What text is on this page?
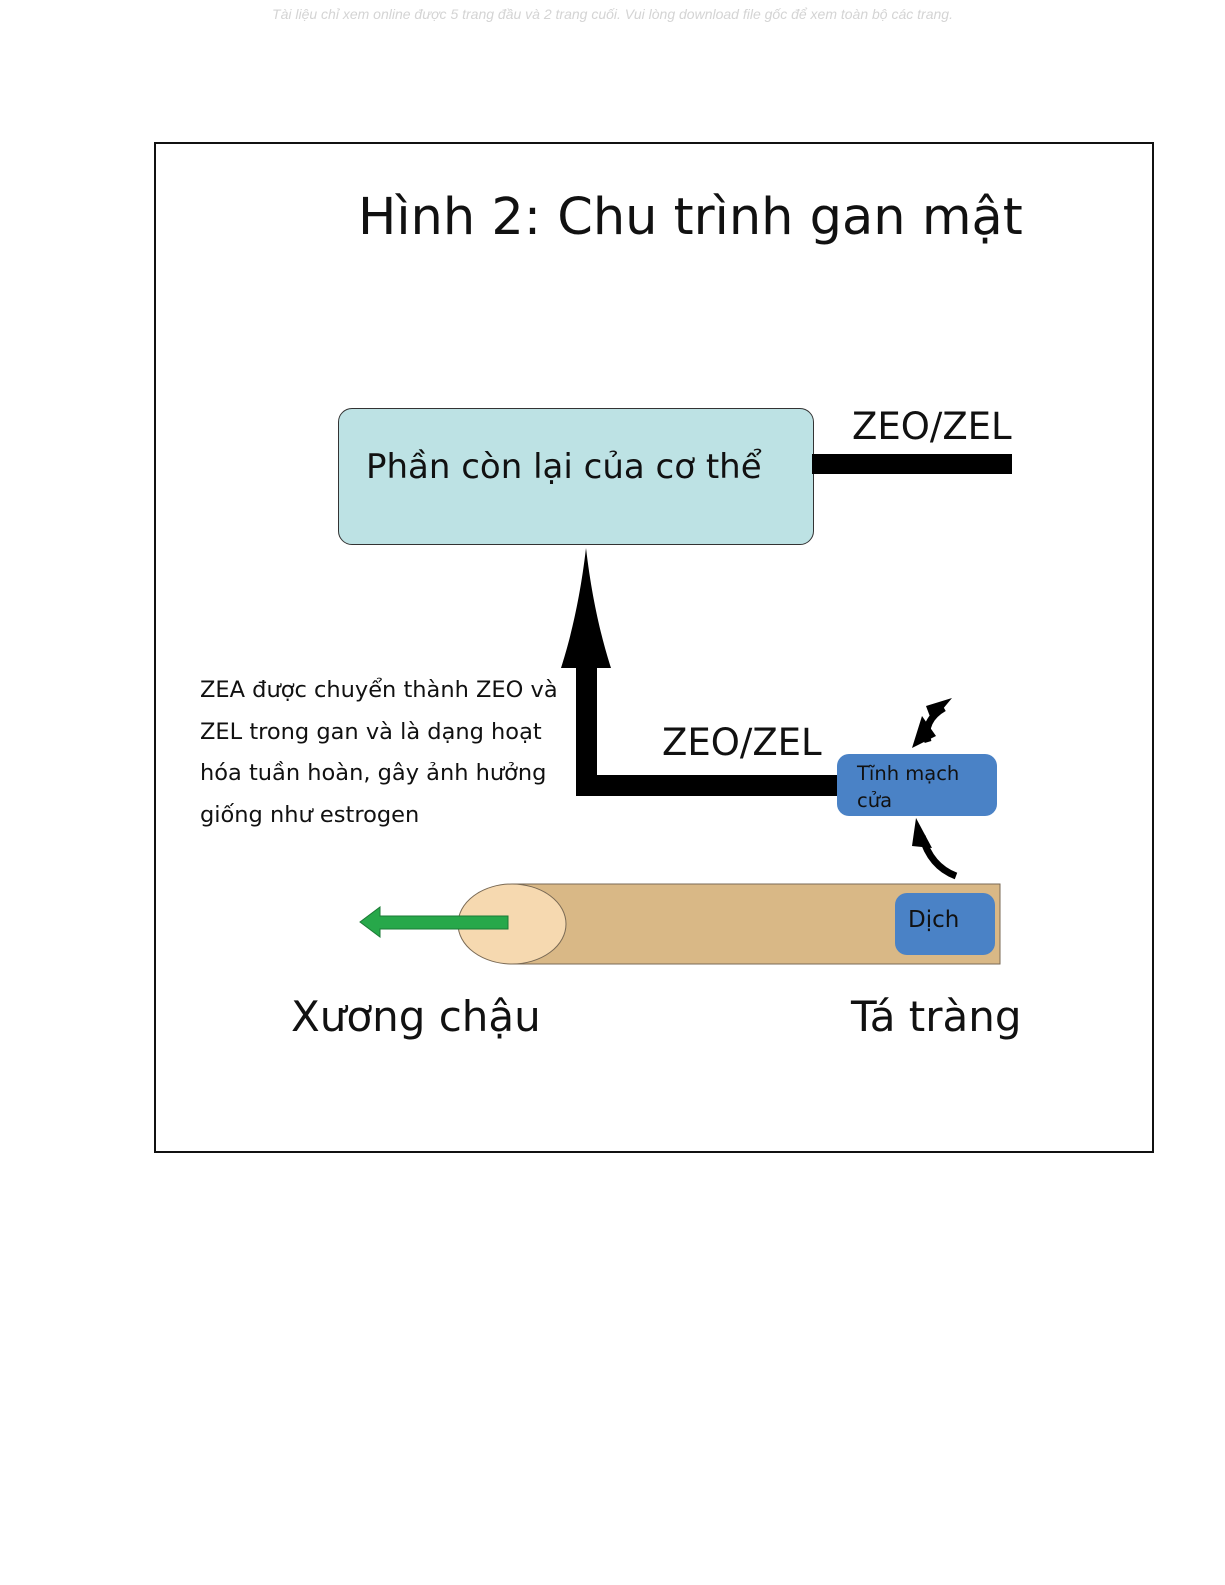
Tài liệu chỉ xem online được 5 trang đầu và 2 trang cuối. Vui lòng download file gốc để xem toàn bộ các trang.
Hình 2: Chu trình gan mật
Phần còn lại của cơ thể
ZEO/ZEL
ZEO/ZEL
ZEA được chuyển thành ZEO và
ZEL trong gan và là dạng hoạt
hóa tuần hoàn, gây ảnh hưởng
giống như estrogen
Tĩnh mạch
cửa
Dịch
Xương chậu	Tá tràng
